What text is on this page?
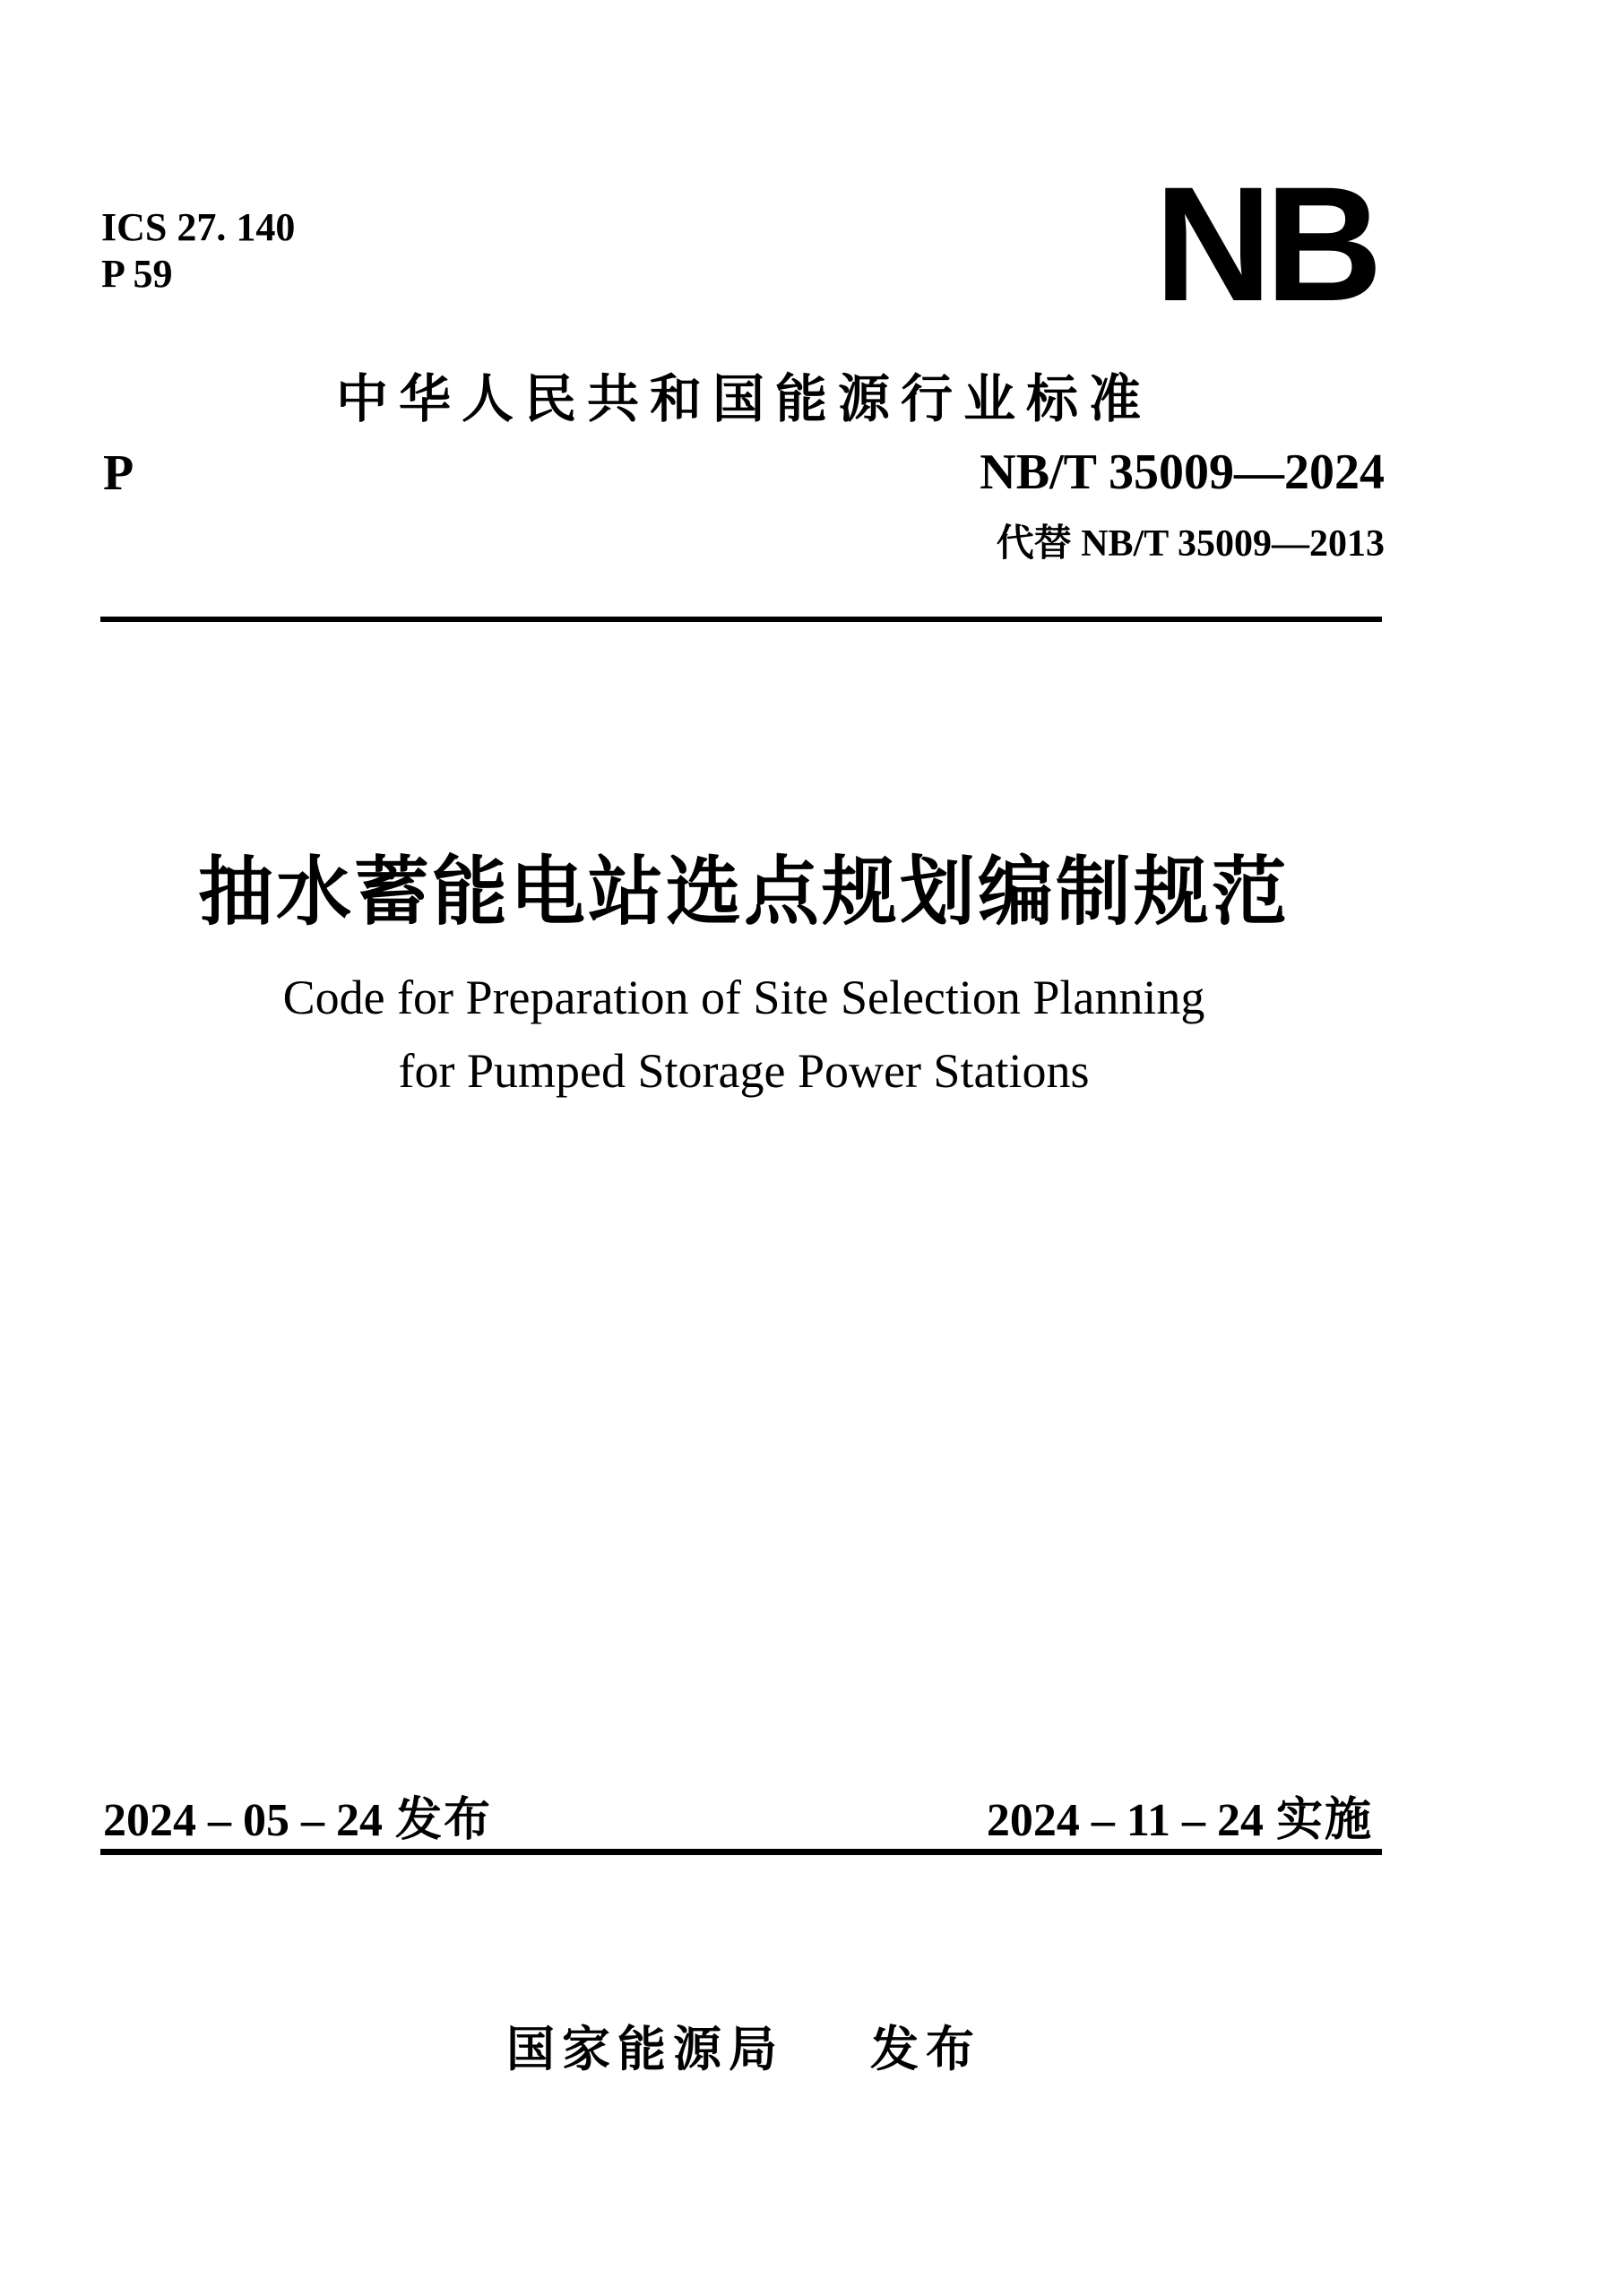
ICS 27. 140
P 59	NB
中华人民共和国能源行业标准
P	NB/T 35009—2024
代替 NB/T 35009—2013
抽水蓄能电站选点规划编制规范
Code for Preparation of Site Selection Planning
for Pumped Storage Power Stations
2024 – 05 – 24 发布	2024 – 11 – 24 实施
国家能源局 发布
